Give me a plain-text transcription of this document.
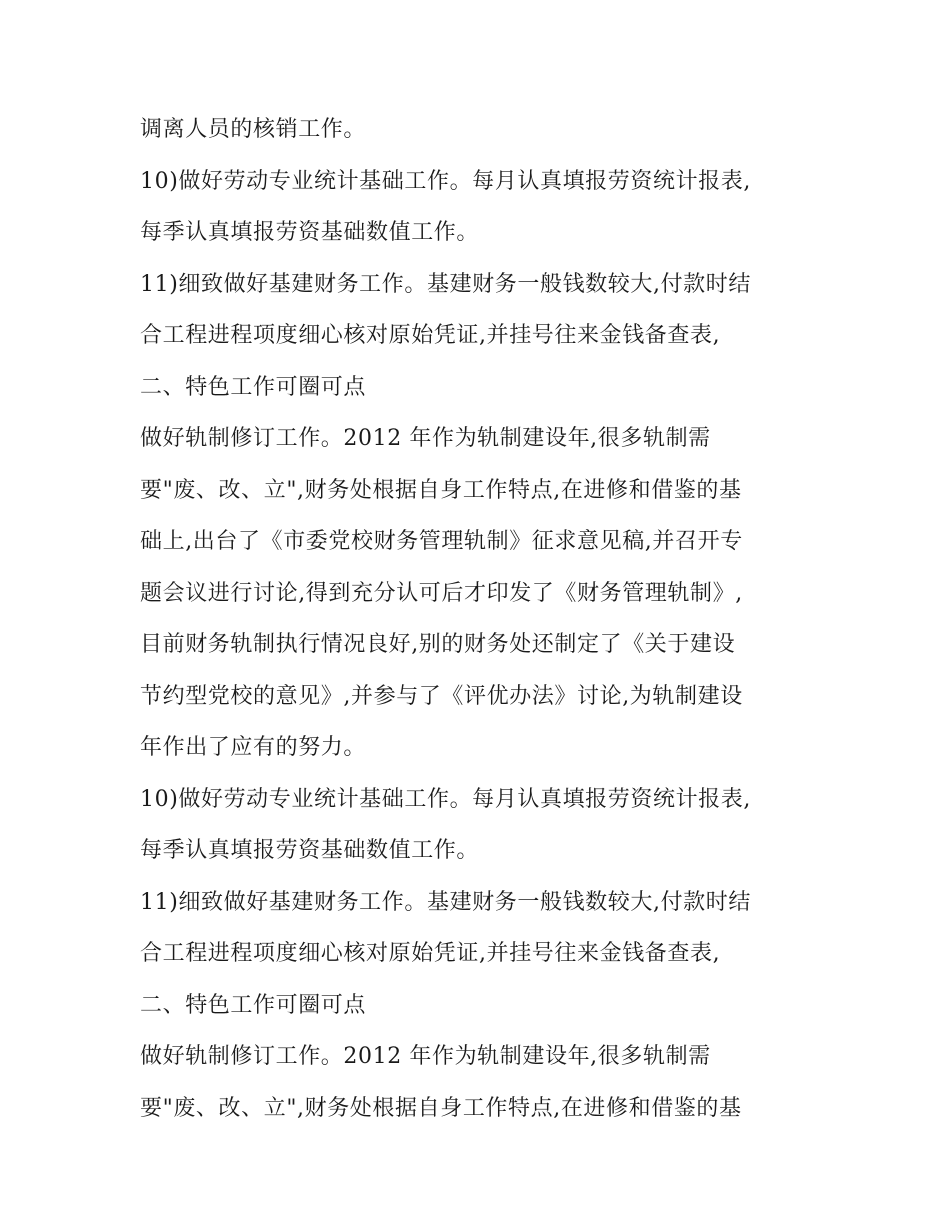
调离人员的核销工作。
10)做好劳动专业统计基础工作。每月认真填报劳资统计报表,
每季认真填报劳资基础数值工作。
11)细致做好基建财务工作。基建财务一般钱数较大,付款时结
合工程进程项度细心核对原始凭证,并挂号往来金钱备查表,
二、特色工作可圈可点
做好轨制修订工作。2012 年作为轨制建设年,很多轨制需
要"废、改、立",财务处根据自身工作特点,在进修和借鉴的基
础上,出台了《市委党校财务管理轨制》征求意见稿,并召开专
题会议进行讨论,得到充分认可后才印发了《财务管理轨制》,
目前财务轨制执行情况良好,别的财务处还制定了《关于建设
节约型党校的意见》,并参与了《评优办法》讨论,为轨制建设
年作出了应有的努力。
10)做好劳动专业统计基础工作。每月认真填报劳资统计报表,
每季认真填报劳资基础数值工作。
11)细致做好基建财务工作。基建财务一般钱数较大,付款时结
合工程进程项度细心核对原始凭证,并挂号往来金钱备查表,
二、特色工作可圈可点
做好轨制修订工作。2012 年作为轨制建设年,很多轨制需
要"废、改、立",财务处根据自身工作特点,在进修和借鉴的基
